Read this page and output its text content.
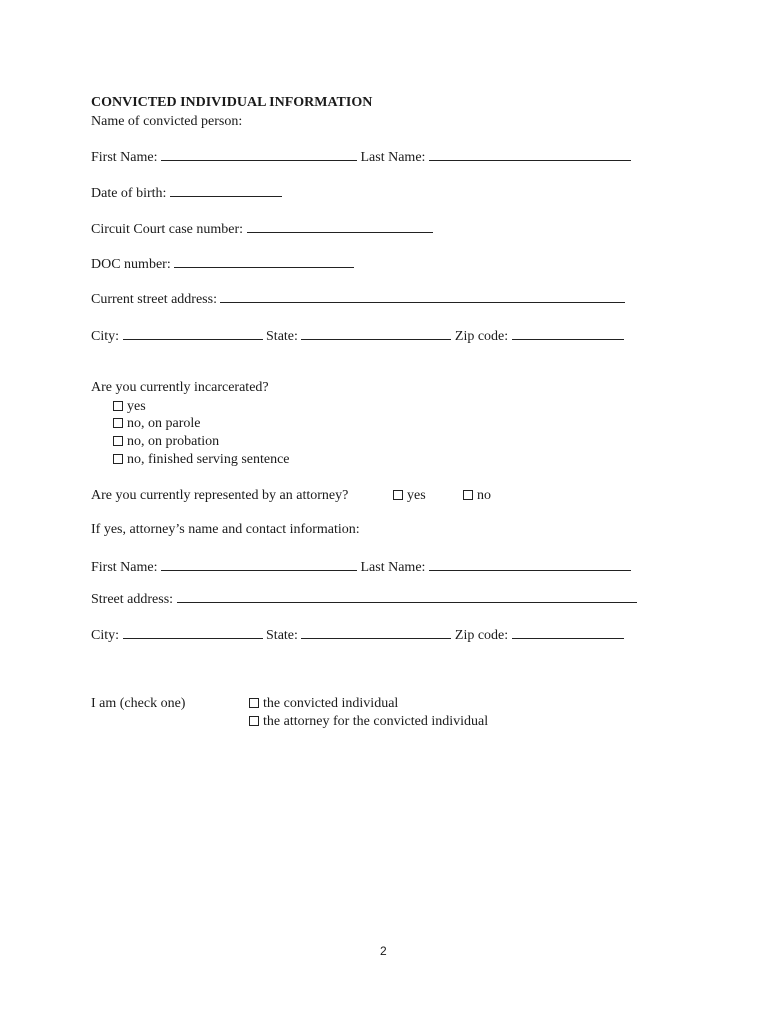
CONVICTED INDIVIDUAL INFORMATION
Name of convicted person:
First Name:	Last Name:
Date of birth:
Circuit Court case number:
DOC number:
Current street address:
City:	State:	Zip code:
Are you currently incarcerated?
yes
no, on parole
no, on probation
no, finished serving sentence
Are you currently represented by an attorney?	yes	no
If yes, attorney’s name and contact information:
First Name:	Last Name:
Street address:
City:	State:	Zip code:
I am (check one)	the convicted individual
the attorney for the convicted individual
2
